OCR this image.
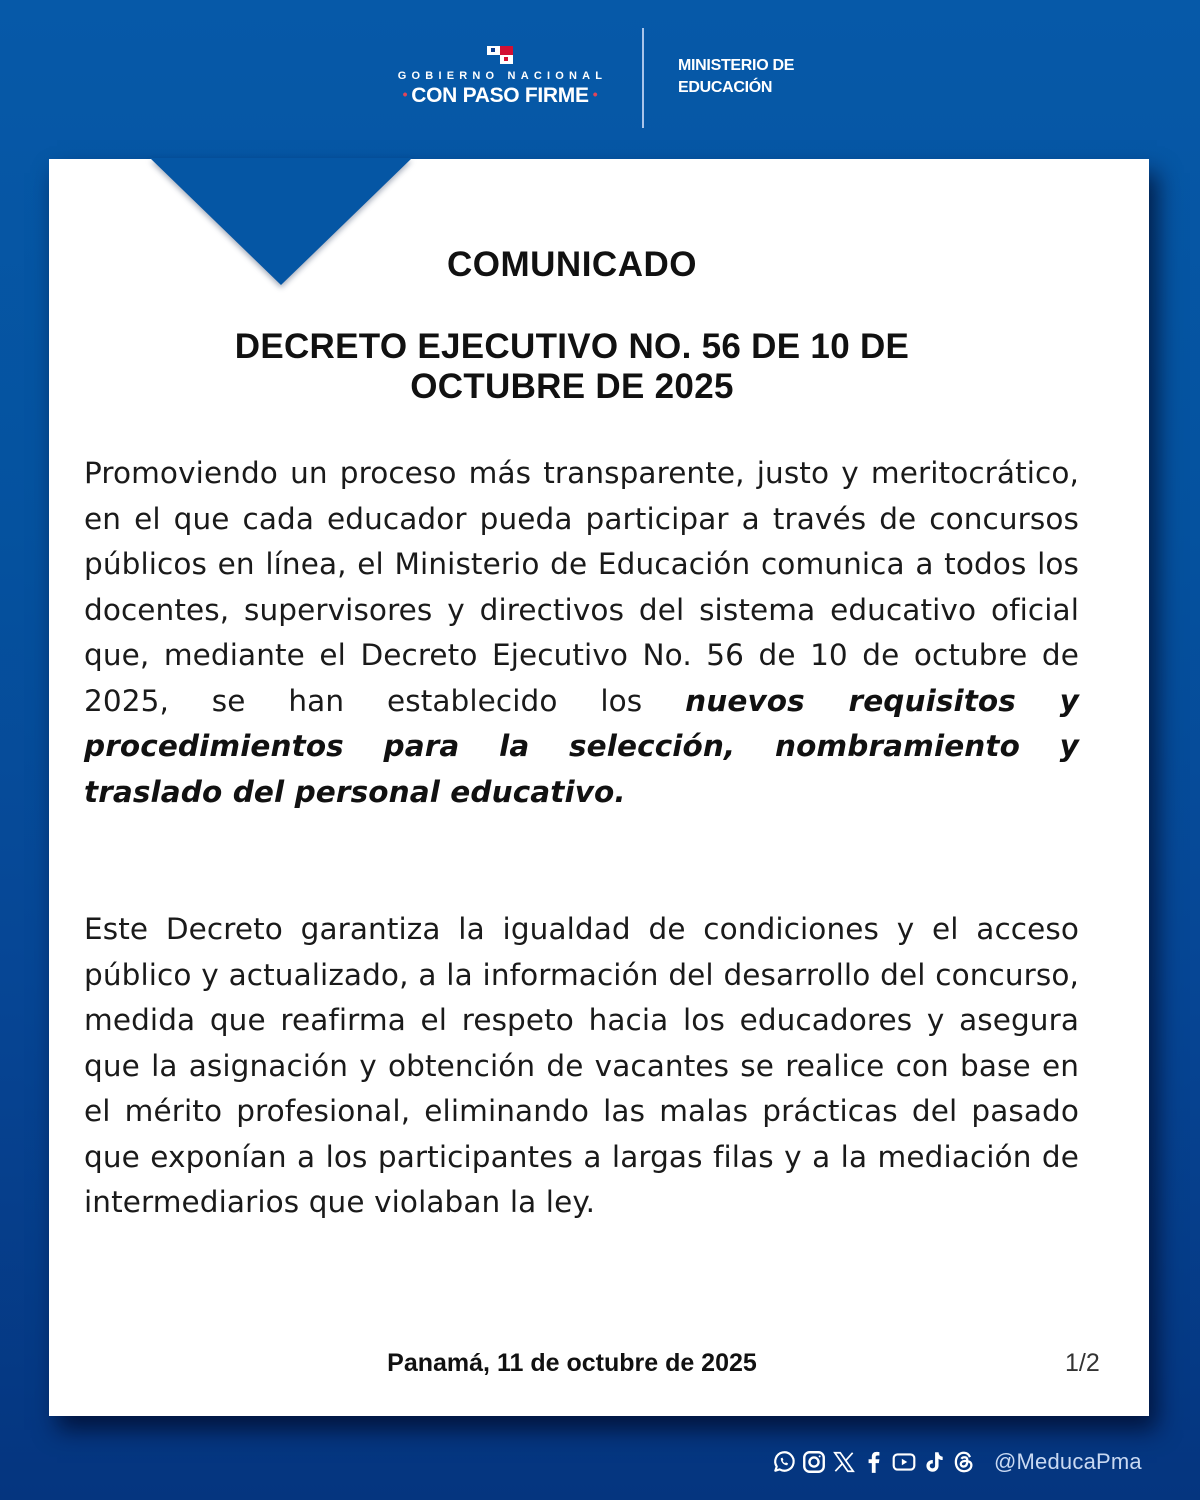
GOBIERNO NACIONAL
• CON PASO FIRME •
MINISTERIO DE
EDUCACIÓN
COMUNICADO
DECRETO EJECUTIVO NO. 56 DE 10 DE
OCTUBRE DE 2025
Promoviendo un proceso más transparente, justo y meritocrático, en el que cada educador pueda participar a través de concursos públicos en línea, el Ministerio de Educación comunica a todos los docentes, supervisores y directivos del sistema educativo oficial que, mediante el Decreto Ejecutivo No. 56 de 10 de octubre de 2025, se han establecido los nuevos requisitos y procedimientos para la selección, nombramiento y traslado del personal educativo.
Este Decreto garantiza la igualdad de condiciones y el acceso público y actualizado, a la información del desarrollo del concurso, medida que reafirma el respeto hacia los educadores y asegura que la asignación y obtención de vacantes se realice con base en el mérito profesional, eliminando las malas prácticas del pasado que exponían a los participantes a largas filas y a la mediación de intermediarios que violaban la ley.
Panamá, 11 de octubre de 2025	1/2
@MeducaPma
